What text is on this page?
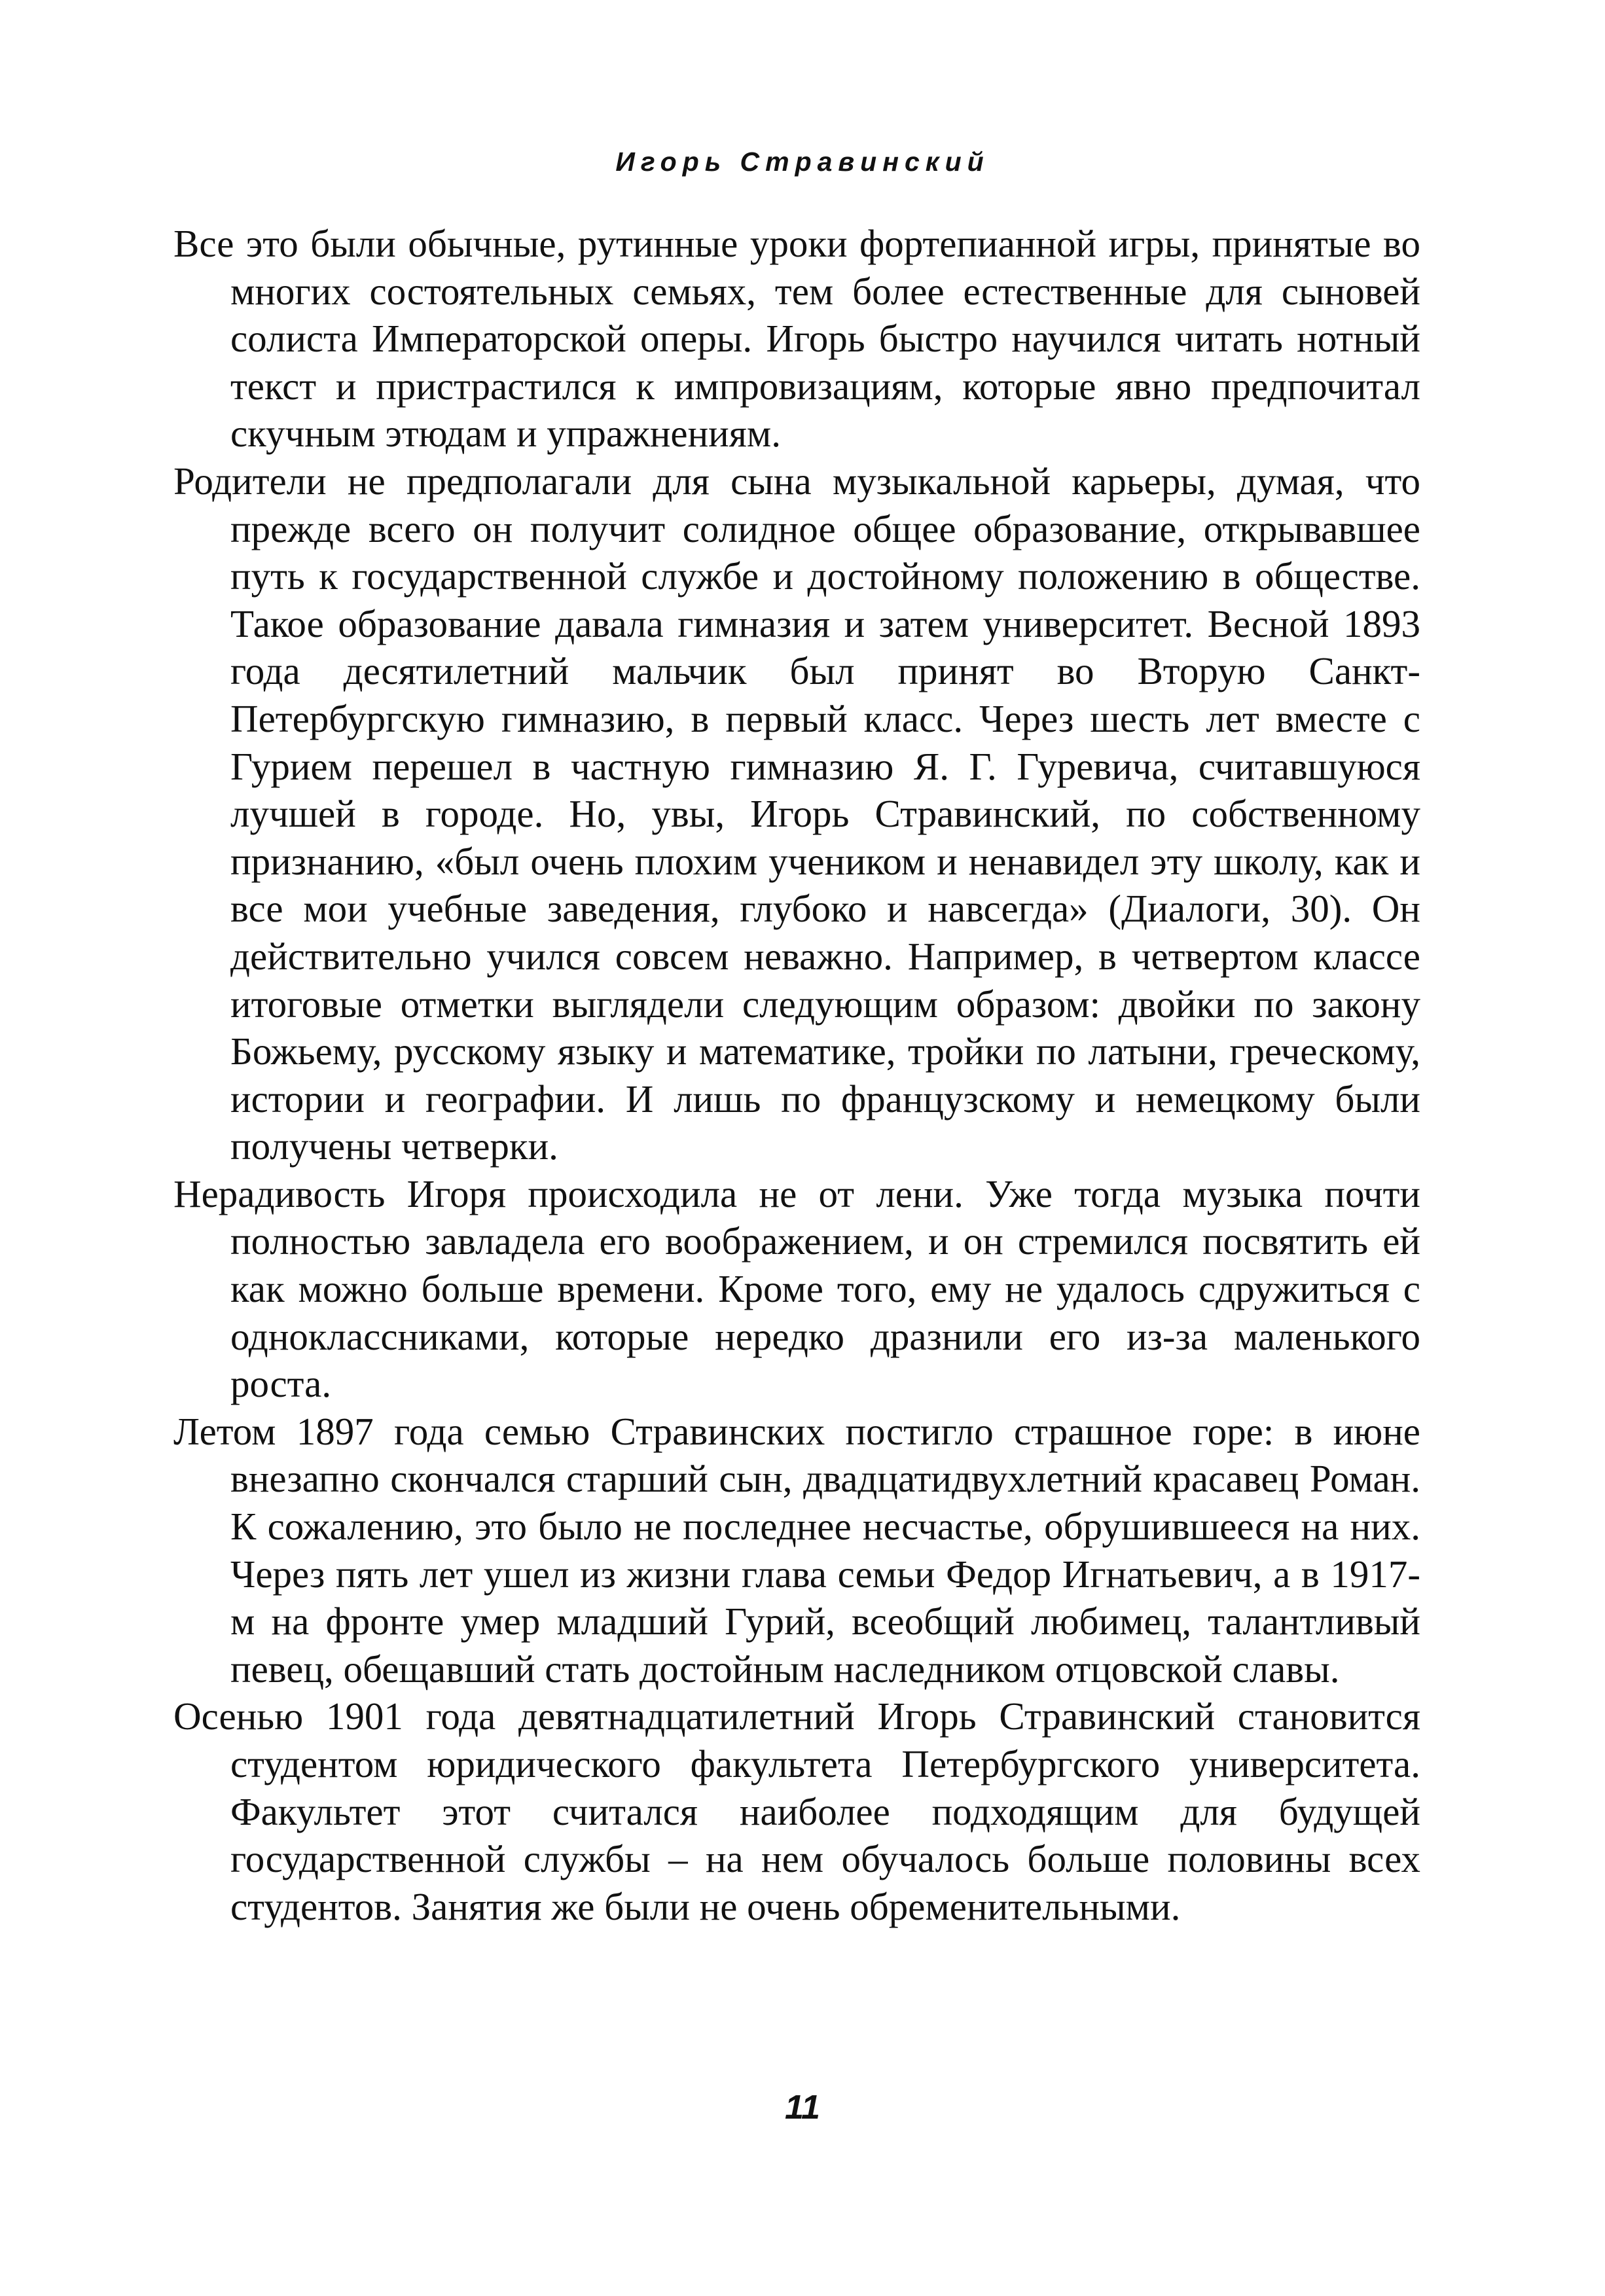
Игорь Стравинский

Все это были обычные, рутинные уроки фортепианной игры, принятые во многих состоятельных семьях, тем более естественные для сыновей солиста Императорской оперы. Игорь быстро научился читать нотный текст и пристрастился к импровизациям, которые явно предпочитал скучным этюдам и упражнениям.

Родители не предполагали для сына музыкальной карьеры, думая, что прежде всего он получит солидное общее образование, открывавшее путь к государственной службе и достойному положению в обществе. Такое образование давала гимназия и затем университет. Весной 1893 года десятилетний мальчик был принят во Вторую Санкт-Петербургскую гимназию, в первый класс. Через шесть лет вместе с Гурием перешел в частную гимназию Я. Г. Гуревича, считавшуюся лучшей в городе. Но, увы, Игорь Стравинский, по собственному признанию, «был очень плохим учеником и ненавидел эту школу, как и все мои учебные заведения, глубоко и навсегда» (Диалоги, 30). Он действительно учился совсем неважно. Например, в четвертом классе итоговые отметки выглядели следующим образом: двойки по закону Божьему, русскому языку и математике, тройки по латыни, греческому, истории и географии. И лишь по французскому и немецкому были получены четверки.

Нерадивость Игоря происходила не от лени. Уже тогда музыка почти полностью завладела его воображением, и он стремился посвятить ей как можно больше времени. Кроме того, ему не удалось сдружиться с одноклассниками, которые нередко дразнили его из-за маленького роста.

Летом 1897 года семью Стравинских постигло страшное горе: в июне внезапно скончался старший сын, двадцатидвухлетний красавец Роман. К сожалению, это было не последнее несчастье, обрушившееся на них. Через пять лет ушел из жизни глава семьи Федор Игнатьевич, а в 1917-м на фронте умер младший Гурий, всеобщий любимец, талантливый певец, обещавший стать достойным наследником отцовской славы.

Осенью 1901 года девятнадцатилетний Игорь Стравинский становится студентом юридического факультета Петербургского университета. Факультет этот считался наиболее подходящим для будущей государственной службы – на нем обучалось больше половины всех студентов. Занятия же были не очень обременительными.

11
